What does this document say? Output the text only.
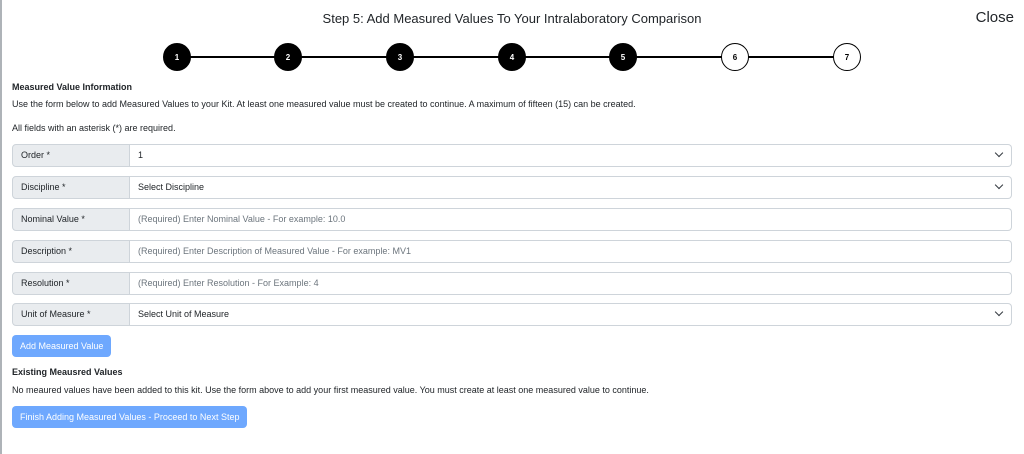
Step 5: Add Measured Values To Your Intralaboratory Comparison	Close
1	2	3	4	5	6	7
Measured Value Information
Use the form below to add Measured Values to your Kit. At least one measured value must be created to continue. A maximum of fifteen (15) can be created.
All fields with an asterisk (*) are required.
Order *	1
Discipline *	Select Discipline
Nominal Value *	(Required) Enter Nominal Value - For example: 10.0
Description *	(Required) Enter Description of Measured Value - For example: MV1
Resolution *	(Required) Enter Resolution - For Example: 4
Unit of Measure *	Select Unit of Measure
Add Measured Value
Existing Meausred Values
No meaured values have been added to this kit. Use the form above to add your first measured value. You must create at least one measured value to continue.
Finish Adding Measured Values - Proceed to Next Step
